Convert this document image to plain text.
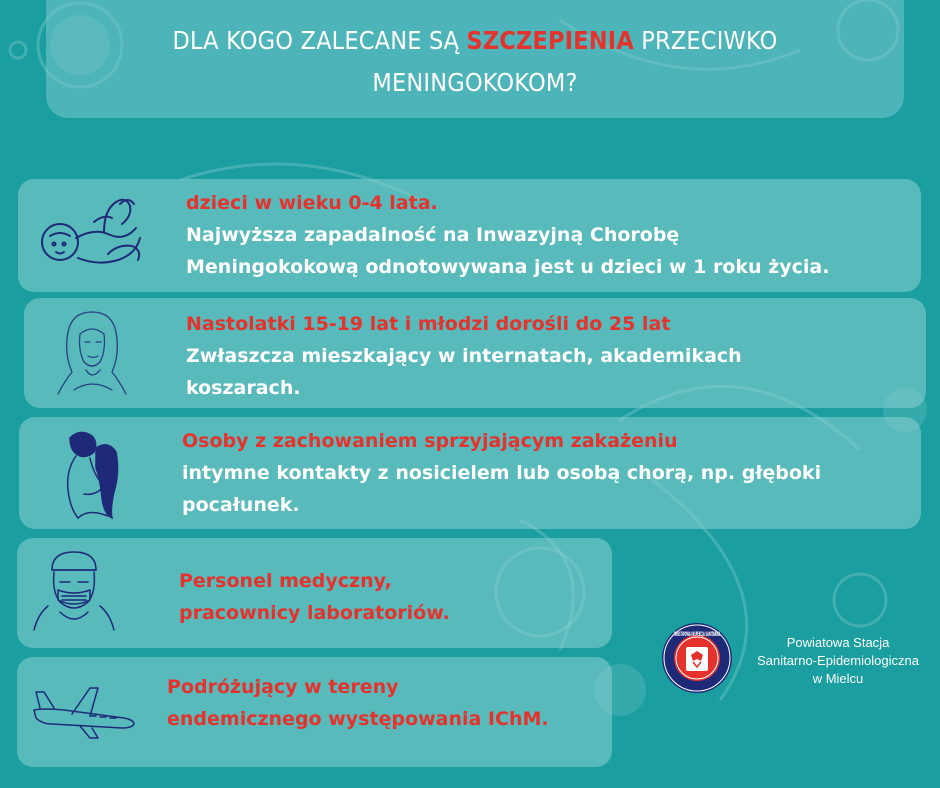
DLA KOGO ZALECANE SĄ SZCZEPIENIA PRZECIWKO
MENINGOKOKOM?
dzieci w wieku 0-4 lata.
Najwyższa zapadalność na Inwazyjną Chorobę
Meningokokową odnotowywana jest u dzieci w 1 roku życia.
Nastolatki 15-19 lat i młodzi dorośli do 25 lat
Zwłaszcza mieszkający w internatach, akademikach
koszarach.
Osoby z zachowaniem sprzyjającym zakażeniu
intymne kontakty z nosicielem lub osobą chorą, np. głęboki
pocałunek.
Personel medyczny,
pracownicy laboratoriów.
Podróżujący w tereny
endemicznego występowania IChM.
PAŃSTWOWA INSPEKCJA SANITARNA
Powiatowa Stacja
Sanitarno-Epidemiologiczna
w Mielcu
